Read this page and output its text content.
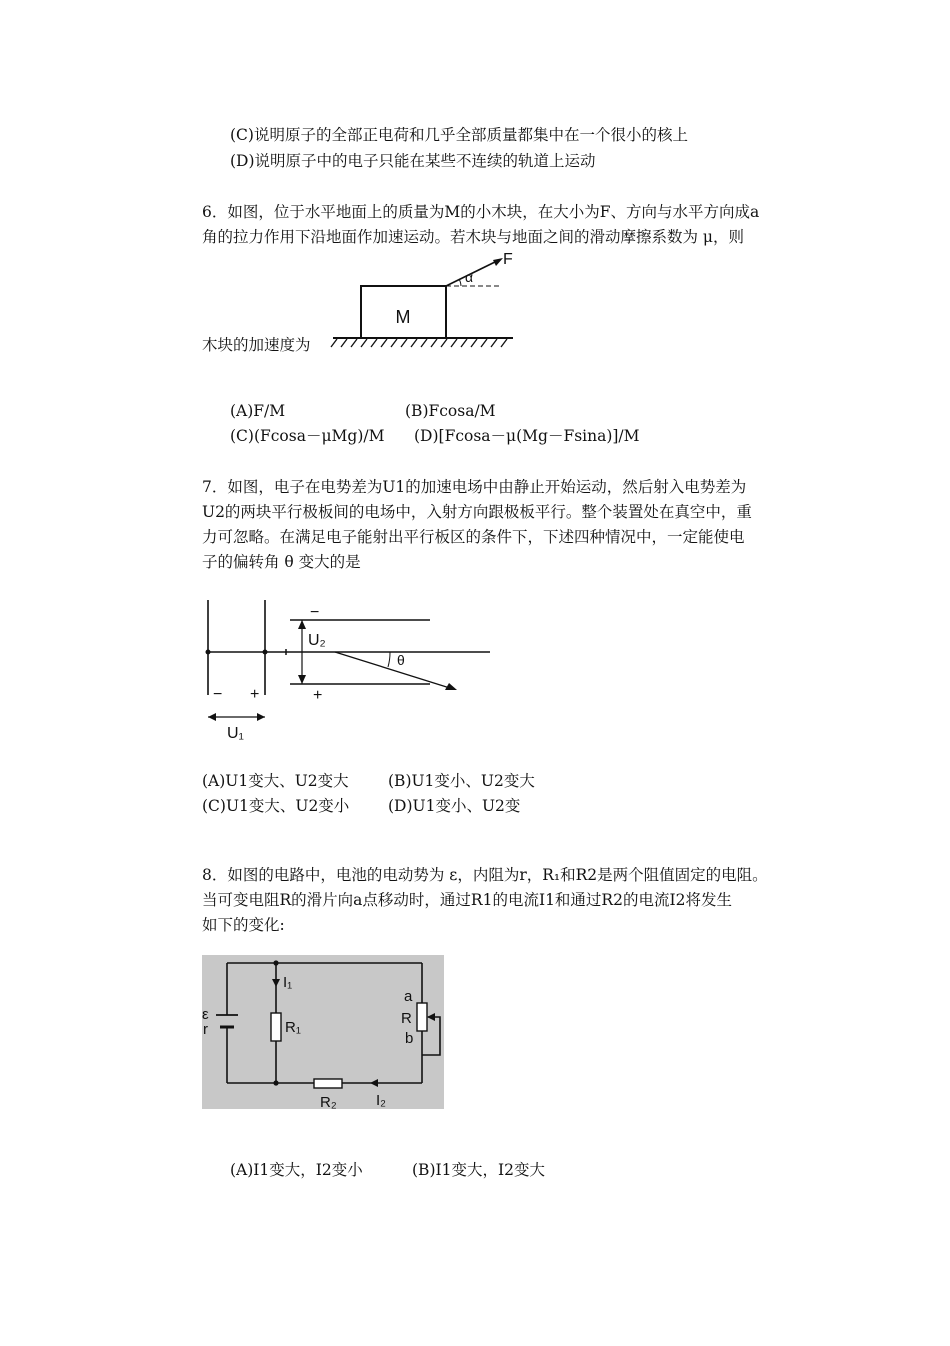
(C)说明原子的全部正电荷和几乎全部质量都集中在一个很小的核上
(D)说明原子中的电子只能在某些不连续的轨道上运动
6．如图，位于水平地面上的质量为M的小木块，在大小为F、方向与水平方向成a
角的拉力作用下沿地面作加速运动。若木块与地面之间的滑动摩擦系数为 μ，则
木块的加速度为
M
F
α
(A)F/M	(B)Fcosa/M
(C)(Fcosa－μMg)/M (D)[Fcosa－μ(Mg－Fsina)]/M
7．如图，电子在电势差为U1的加速电场中由静止开始运动，然后射入电势差为
U2的两块平行极板间的电场中，入射方向跟极板平行。整个装置处在真空中，重
力可忽略。在满足电子能射出平行板区的条件下，下述四种情况中，一定能使电
子的偏转角 θ 变大的是
− +
U₁
−
+
U₂
θ
(A)U1变大、U2变大	(B)U1变小、U2变大
(C)U1变大、U2变小 (D)U1变小、U2变
8．如图的电路中，电池的电动势为 ε，内阻为r，R₁和R2是两个阻值固定的电阻。
当可变电阻R的滑片向a点移动时，通过R1的电流I1和通过R2的电流I2将发生
如下的变化:
ε
r	R₁
I₁
a
R
b
R₂	I₂
(A)I1变大，I2变小	(B)I1变大，I2变大
